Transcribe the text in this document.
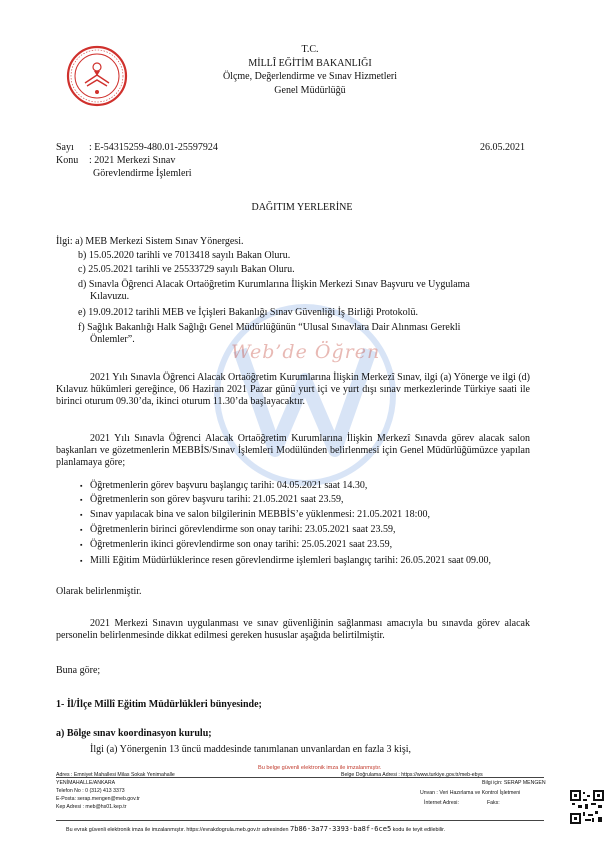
T.C.
MİLLÎ EĞİTİM BAKANLIĞI
Ölçme, Değerlendirme ve Sınav Hizmetleri
Genel Müdürlüğü
Sayı	: E-54315259-480.01-25597924	26.05.2021
Konu	: 2021 Merkezi Sınav
Görevlendirme İşlemleri
DAĞITIM YERLERİNE
Web’de Öğren
İlgi: a) MEB Merkezi Sistem Sınav Yönergesi.
b) 15.05.2020 tarihli ve 7013418 sayılı Bakan Oluru.
c) 25.05.2021 tarihli ve 25533729 sayılı Bakan Oluru.
d) Sınavla Öğrenci Alacak Ortaöğretim Kurumlarına İlişkin Merkezi Sınav Başvuru ve Uygulama
Kılavuzu.
e) 19.09.2012 tarihli MEB ve İçişleri Bakanlığı Sınav Güvenliği İş Birliği Protokolü.
f) Sağlık Bakanlığı Halk Sağlığı Genel Müdürlüğünün “Ulusal Sınavlara Dair Alınması Gerekli
Önlemler”.
2021 Yılı Sınavla Öğrenci Alacak Ortaöğretim Kurumlarına İlişkin Merkezî Sınav, ilgi (a) Yönerge ve ilgi (d) Kılavuz hükümleri gereğince, 06 Haziran 2021 Pazar günü yurt içi ve yurt dışı sınav merkezlerinde Türkiye saati ile birinci oturum 09.30’da, ikinci oturum 11.30’da başlayacaktır.
2021 Yılı Sınavla Öğrenci Alacak Ortaöğretim Kurumlarına İlişkin Merkezî Sınavda görev alacak salon başkanları ve gözetmenlerin MEBBİS/Sınav İşlemleri Modülünden belirlenmesi için Genel Müdürlüğümüzce yapılan planlamaya göre;
▪ Öğretmenlerin görev başvuru başlangıç tarihi: 04.05.2021 saat 14.30,
▪ Öğretmenlerin son görev başvuru tarihi: 21.05.2021 saat 23.59,
▪ Sınav yapılacak bina ve salon bilgilerinin MEBBİS’e yüklenmesi: 21.05.2021 18:00,
▪ Öğretmenlerin birinci görevlendirme son onay tarihi: 23.05.2021 saat 23.59,
▪ Öğretmenlerin ikinci görevlendirme son onay tarihi: 25.05.2021 saat 23.59,
▪ Milli Eğitim Müdürlüklerince resen görevlendirme işlemleri başlangıç tarihi: 26.05.2021 saat 09.00,
Olarak belirlenmiştir.
2021 Merkezi Sınavın uygulanması ve sınav güvenliğinin sağlanması amacıyla bu sınavda görev alacak personelin belirlenmesinde dikkat edilmesi gereken hususlar aşağıda belirtilmiştir.
Buna göre;
1- İl/İlçe Millî Eğitim Müdürlükleri bünyesinde;
a) Bölge sınav koordinasyon kurulu;
İlgi (a) Yönergenin 13 üncü maddesinde tanımlanan unvanlardan en fazla 3 kişi,
Bu belge güvenli elektronik imza ile imzalanmıştır.
Adres : Emniyet Mahallesi Milas Sokak Yenimahalle
YENİMAHALLE/ANKARA
Telefon No : 0 (312) 413 3373
E-Posta: serap.mengen@meb.gov.tr
Kep Adresi : meb@hs01.kep.tr
Belge Doğrulama Adresi : https://www.turkiye.gov.tr/meb-ebys
Bilgi için: SERAP MENGEN
Unvan : Veri Hazırlama ve Kontrol İşletmeni
İnternet Adresi:	Faks:
Bu evrak güvenli elektronik imza ile imzalanmıştır. https://evrakdogrula.meb.gov.tr adresinden 7b86-3a77-3393-ba8f-6ce5 kodu ile teyit edilebilir.
